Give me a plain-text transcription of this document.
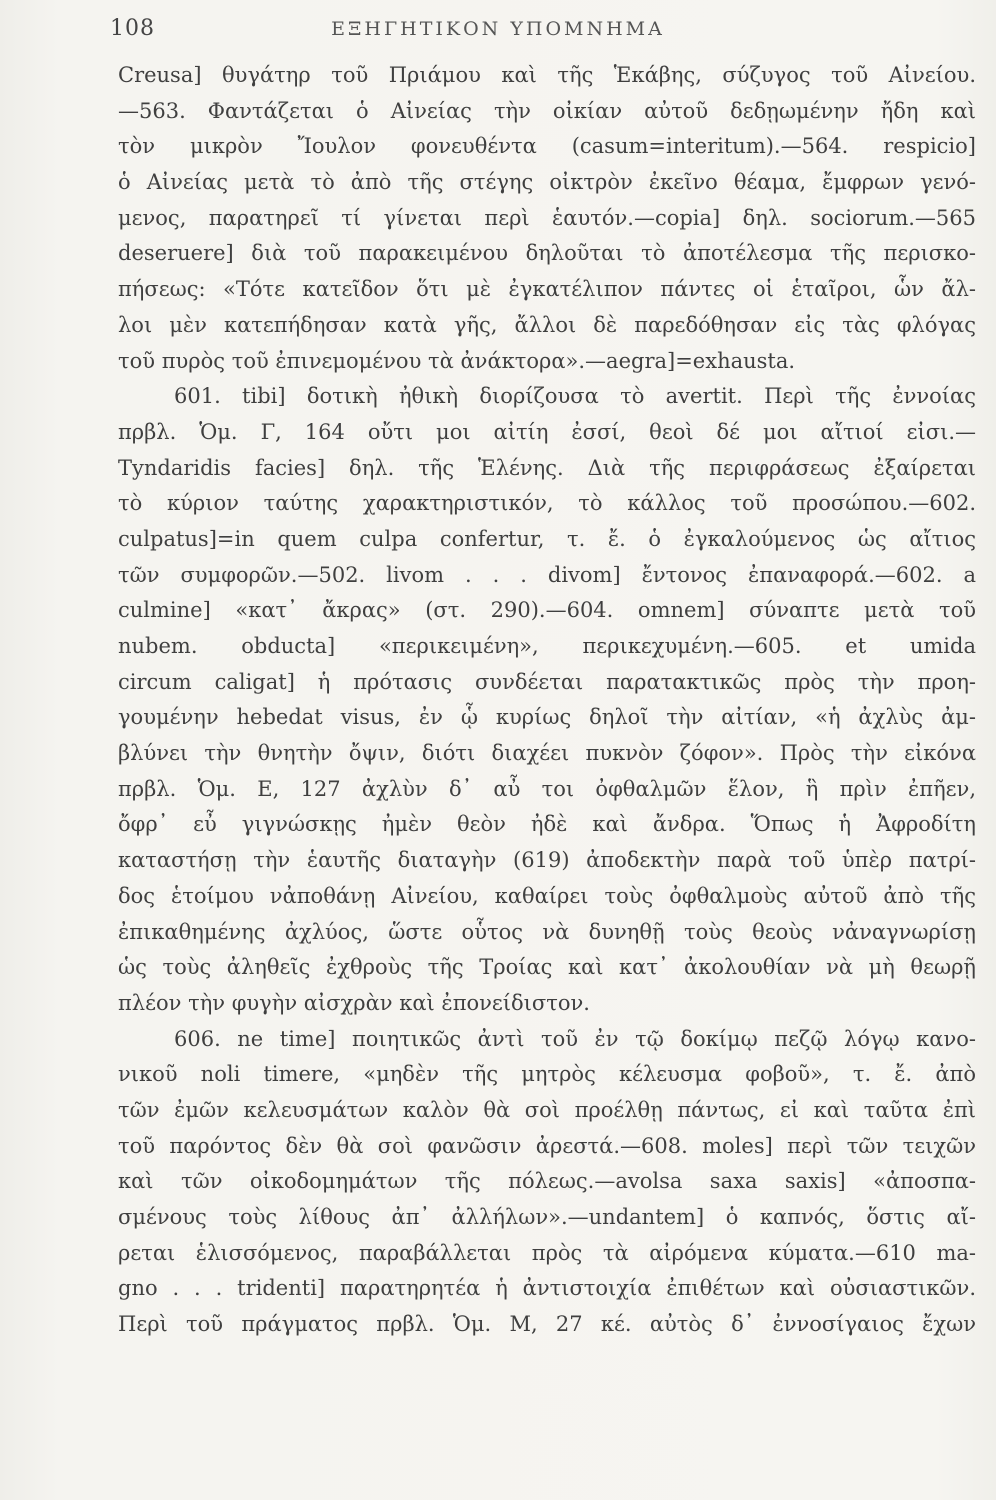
108	ΕΞΗΓΗΤΙΚΟΝ ΥΠΟΜΝΗΜΑ
Creusa] θυγάτηρ τοῦ Πριάμου καὶ τῆς Ἑκάβης, σύζυγος τοῦ Αἰνείου.
—563. Φαντάζεται ὁ Αἰνείας τὴν οἰκίαν αὐτοῦ δεδῃωμένην ἤδη καὶ
τὸν μικρὸν Ἴουλον φονευθέντα (casum=interitum).—564. respicio]
ὁ Αἰνείας μετὰ τὸ ἀπὸ τῆς στέγης οἰκτρὸν ἐκεῖνο θέαμα, ἔμφρων γενό-
μενος, παρατηρεῖ τί γίνεται περὶ ἑαυτόν.—copia] δηλ. sociorum.—565
deseruere] διὰ τοῦ παρακειμένου δηλοῦται τὸ ἀποτέλεσμα τῆς περισκο-
πήσεως: «Τότε κατεῖδον ὅτι μὲ ἐγκατέλιπον πάντες οἱ ἑταῖροι, ὧν ἄλ-
λοι μὲν κατεπήδησαν κατὰ γῆς, ἄλλοι δὲ παρεδόθησαν εἰς τὰς φλόγας
τοῦ πυρὸς τοῦ ἐπινεμομένου τὰ ἀνάκτορα».—aegra]=exhausta.
601. tibi] δοτικὴ ἠθικὴ διορίζουσα τὸ avertit. Περὶ τῆς ἐννοίας
πρβλ. Ὁμ. Γ, 164 οὔτι μοι αἰτίη ἐσσί, θεοὶ δέ μοι αἴτιοί εἰσι.—
Tyndaridis facies] δηλ. τῆς Ἑλένης. Διὰ τῆς περιφράσεως ἐξαίρεται
τὸ κύριον ταύτης χαρακτηριστικόν, τὸ κάλλος τοῦ προσώπου.—602.
culpatus]=in quem culpa confertur, τ. ἔ. ὁ ἐγκαλούμενος ὡς αἴτιος
τῶν συμφορῶν.—502. livom . . . divom] ἔντονος ἐπαναφορά.—602. a
culmine] «κατ᾽ ἄκρας» (στ. 290).—604. omnem] σύναπτε μετὰ τοῦ
nubem. obducta] «περικειμένη», περικεχυμένη.—605. et umida
circum caligat] ἡ πρότασις συνδέεται παρατακτικῶς πρὸς τὴν προη-
γουμένην hebedat visus, ἐν ᾧ κυρίως δηλοῖ τὴν αἰτίαν, «ἡ ἀχλὺς ἀμ-
βλύνει τὴν θνητὴν ὄψιν, διότι διαχέει πυκνὸν ζόφον». Πρὸς τὴν εἰκόνα
πρβλ. Ὁμ. Ε, 127 ἀχλὺν δ᾽ αὖ τοι ὀφθαλμῶν ἕλον, ἣ πρὶν ἐπῆεν,
ὄφρ᾽ εὖ γιγνώσκῃς ἠμὲν θεὸν ἠδὲ καὶ ἄνδρα. Ὅπως ἡ Ἀφροδίτη
καταστήσῃ τὴν ἑαυτῆς διαταγὴν (619) ἀποδεκτὴν παρὰ τοῦ ὑπὲρ πατρί-
δος ἑτοίμου νἀποθάνῃ Αἰνείου, καθαίρει τοὺς ὀφθαλμοὺς αὐτοῦ ἀπὸ τῆς
ἐπικαθημένης ἀχλύος, ὥστε οὗτος νὰ δυνηθῇ τοὺς θεοὺς νἀναγνωρίσῃ
ὡς τοὺς ἀληθεῖς ἐχθροὺς τῆς Τροίας καὶ κατ᾽ ἀκολουθίαν νὰ μὴ θεωρῇ
πλέον τὴν φυγὴν αἰσχρὰν καὶ ἐπονείδιστον.
606. ne time] ποιητικῶς ἀντὶ τοῦ ἐν τῷ δοκίμῳ πεζῷ λόγῳ κανο-
νικοῦ noli timere, «μηδὲν τῆς μητρὸς κέλευσμα φοβοῦ», τ. ἔ. ἀπὸ
τῶν ἐμῶν κελευσμάτων καλὸν θὰ σοὶ προέλθῃ πάντως, εἰ καὶ ταῦτα ἐπὶ
τοῦ παρόντος δὲν θὰ σοὶ φανῶσιν ἀρεστά.—608. moles] περὶ τῶν τειχῶν
καὶ τῶν οἰκοδομημάτων τῆς πόλεως.—avolsa saxa saxis] «ἀποσπα-
σμένους τοὺς λίθους ἀπ᾽ ἀλλήλων».—undantem] ὁ καπνός, ὅστις αἴ-
ρεται ἑλισσόμενος, παραβάλλεται πρὸς τὰ αἰρόμενα κύματα.—610 ma-
gno . . . tridenti] παρατηρητέα ἡ ἀντιστοιχία ἐπιθέτων καὶ οὐσιαστικῶν.
Περὶ τοῦ πράγματος πρβλ. Ὁμ. Μ, 27 κέ. αὐτὸς δ᾽ ἐννοσίγαιος ἔχων
